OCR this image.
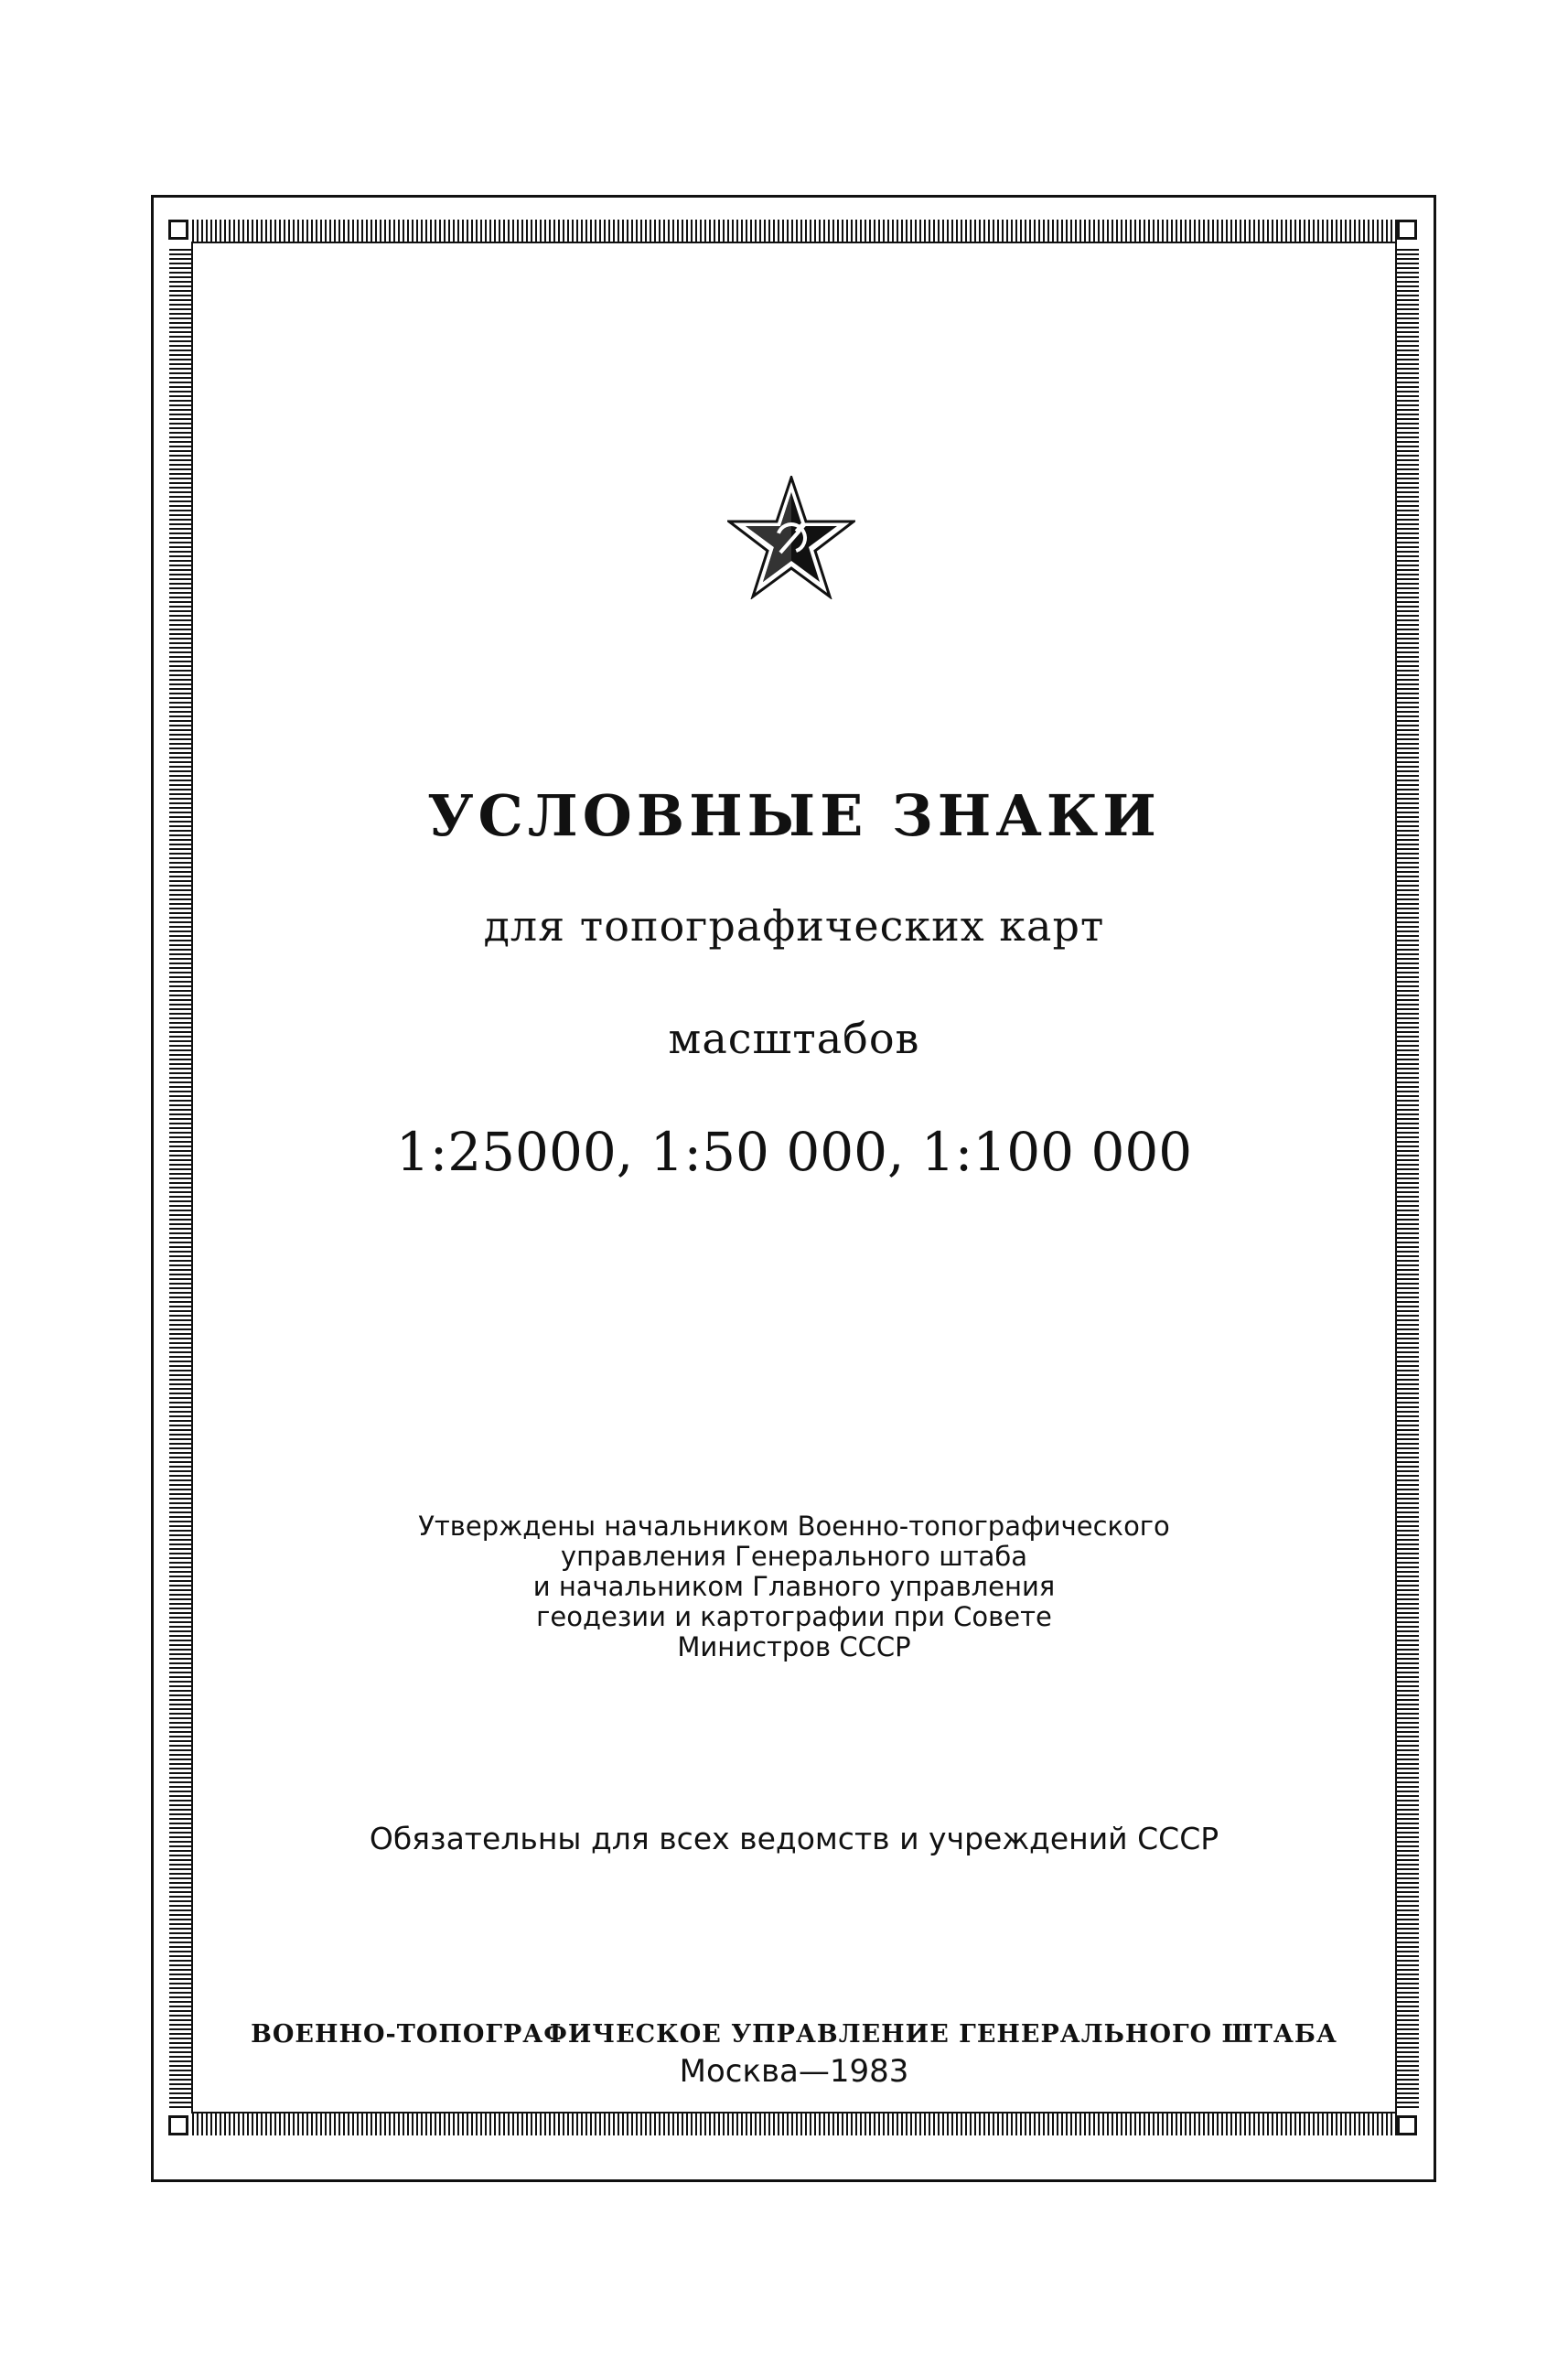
УСЛОВНЫЕ ЗНАКИ
для топографических карт
масштабов
1:25000, 1:50 000, 1:100 000
Утверждены начальником Военно-топографического
управления Генерального штаба
и начальником Главного управления
геодезии и картографии при Совете
Министров СССР
Обязательны для всех ведомств и учреждений СССР
ВОЕННО-ТОПОГРАФИЧЕСКОЕ УПРАВЛЕНИЕ ГЕНЕРАЛЬНОГО ШТАБА
Москва—1983
